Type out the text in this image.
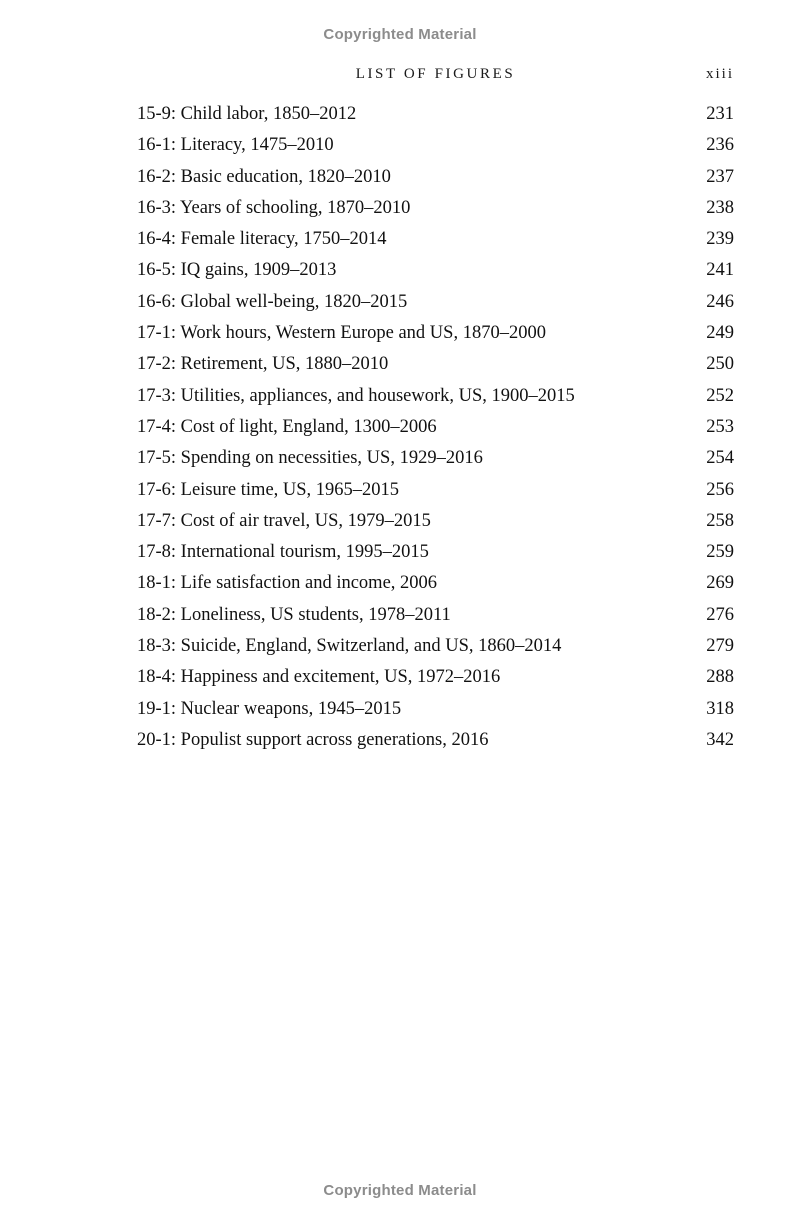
Copyrighted Material
LIST OF FIGURES	xiii
15-9: Child labor, 1850–2012	231
16-1: Literacy, 1475–2010	236
16-2: Basic education, 1820–2010	237
16-3: Years of schooling, 1870–2010	238
16-4: Female literacy, 1750–2014	239
16-5: IQ gains, 1909–2013	241
16-6: Global well-being, 1820–2015	246
17-1: Work hours, Western Europe and US, 1870–2000	249
17-2: Retirement, US, 1880–2010	250
17-3: Utilities, appliances, and housework, US, 1900–2015	252
17-4: Cost of light, England, 1300–2006	253
17-5: Spending on necessities, US, 1929–2016	254
17-6: Leisure time, US, 1965–2015	256
17-7: Cost of air travel, US, 1979–2015	258
17-8: International tourism, 1995–2015	259
18-1: Life satisfaction and income, 2006	269
18-2: Loneliness, US students, 1978–2011	276
18-3: Suicide, England, Switzerland, and US, 1860–2014	279
18-4: Happiness and excitement, US, 1972–2016	288
19-1: Nuclear weapons, 1945–2015	318
20-1: Populist support across generations, 2016	342
Copyrighted Material
